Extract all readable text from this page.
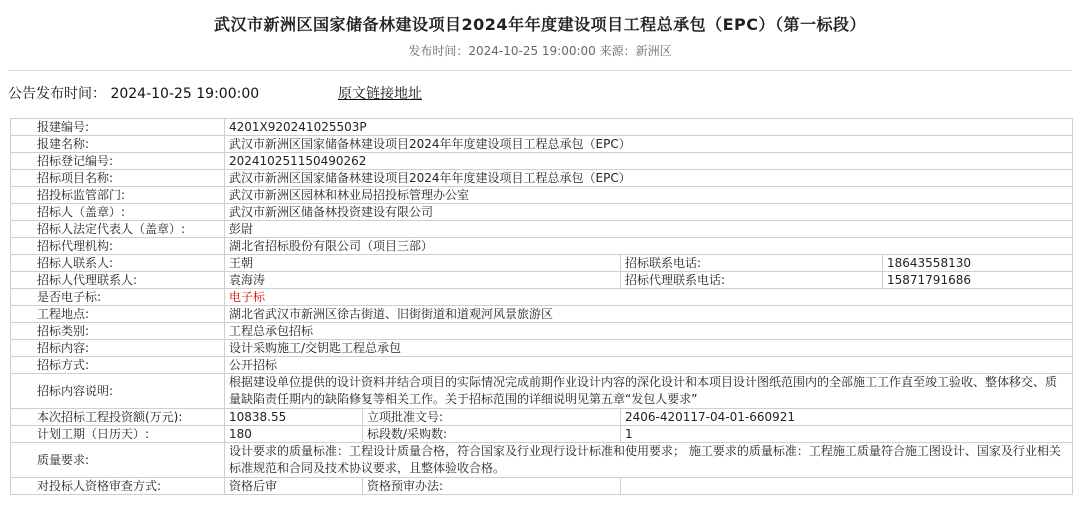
武汉市新洲区国家储备林建设项目2024年年度建设项目工程总承包（EPC）（第一标段）
发布时间：2024-10-25 19:00:00 来源：新洲区
公告发布时间： 2024-10-25 19:00:00	原文链接地址
报建编号:	4201X920241025503P			
报建名称:	武汉市新洲区国家储备林建设项目2024年年度建设项目工程总承包（EPC）			
招标登记编号:	202410251150490262			
招标项目名称:	武汉市新洲区国家储备林建设项目2024年年度建设项目工程总承包（EPC）			
招投标监管部门:	武汉市新洲区园林和林业局招投标管理办公室			
招标人（盖章）:	武汉市新洲区储备林投资建设有限公司			
招标人法定代表人（盖章）:	彭尉			
招标代理机构:	湖北省招标股份有限公司（项目三部）			
招标人联系人:	王朝		招标联系电话:	18643558130
招标人代理联系人:	袁海涛		招标代理联系电话:	15871791686
是否电子标:	电子标			
工程地点:	湖北省武汉市新洲区徐古街道、旧街街道和道观河风景旅游区			
招标类别:	工程总承包招标			
招标内容:	设计采购施工/交钥匙工程总承包			
招标方式:	公开招标			
招标内容说明:	根据建设单位提供的设计资料并结合项目的实际情况完成前期作业设计内容的深化设计和本项目设计图纸范围内的全部施工工作直至竣工验收、整体移交、质量缺陷责任期内的缺陷修复等相关工作。关于招标范围的详细说明见第五章“发包人要求”			
本次招标工程投资额(万元):	10838.55	立项批准文号:	2406-420117-04-01-660921	
计划工期（日历天）:	180	标段数/采购数:	1	
质量要求:	设计要求的质量标准：工程设计质量合格，符合国家及行业现行设计标准和使用要求； 施工要求的质量标准：工程施工质量符合施工图设计、国家及行业相关标准规范和合同及技术协议要求，且整体验收合格。			
对投标人资格审查方式:	资格后审	资格预审办法:		
